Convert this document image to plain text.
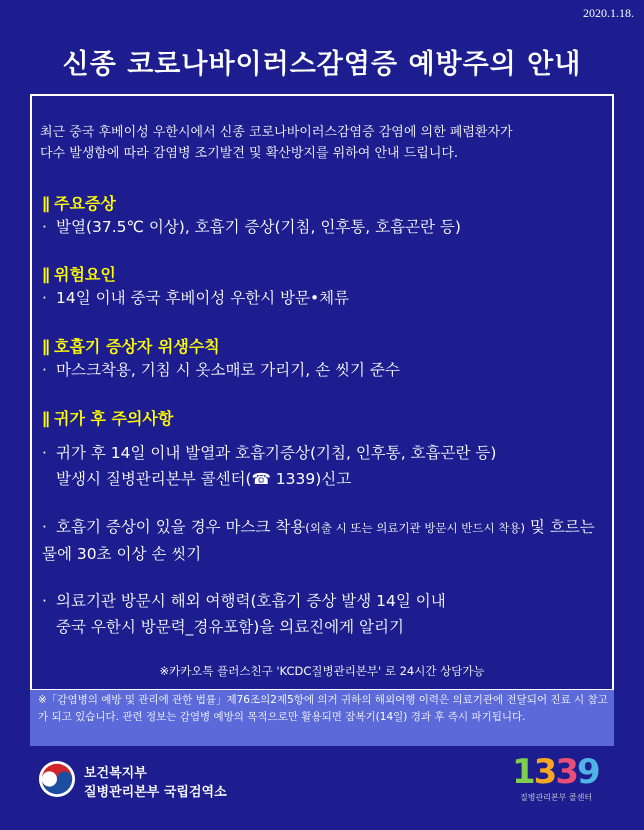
2020.1.18.
신종 코로나바이러스감염증 예방주의 안내
최근 중국 후베이성 우한시에서 신종 코로나바이러스감염증 감염에 의한 폐렴환자가
다수 발생함에 따라 감염병 조기발견 및 확산방지를 위하여 안내 드립니다.
∥ 주요증상
· 발열(37.5℃ 이상), 호흡기 증상(기침, 인후통, 호흡곤란 등)
∥ 위험요인
· 14일 이내 중국 후베이성 우한시 방문•체류
∥ 호흡기 증상자 위생수칙
· 마스크착용, 기침 시 옷소매로 가리기, 손 씻기 준수
∥ 귀가 후 주의사항
· 귀가 후 14일 이내 발열과 호흡기증상(기침, 인후통, 호흡곤란 등)
발생시 질병관리본부 콜센터(☎ 1339)신고
· 호흡기 증상이 있을 경우 마스크 착용(외출 시 또는 의료기관 방문시 반드시 착용) 및 흐르는 물에 30초 이상 손 씻기
· 의료기관 방문시 해외 여행력(호흡기 증상 발생 14일 이내
중국 우한시 방문력_경유포함)을 의료진에게 알리기
※카카오톡 플러스친구 'KCDC질병관리본부' 로 24시간 상담가능
※「감염병의 예방 및 관리에 관한 법률」제76조의2제5항에 의거 귀하의 해외여행 이력은 의료기관에 전달되어 진료 시 참고가 되고 있습니다. 관련 정보는 감염병 예방의 목적으로만 활용되면 잠복기(14일) 경과 후 즉시 파기됩니다.
보건복지부
질병관리본부 국립검역소
1339
질병관리본부 콜센터
